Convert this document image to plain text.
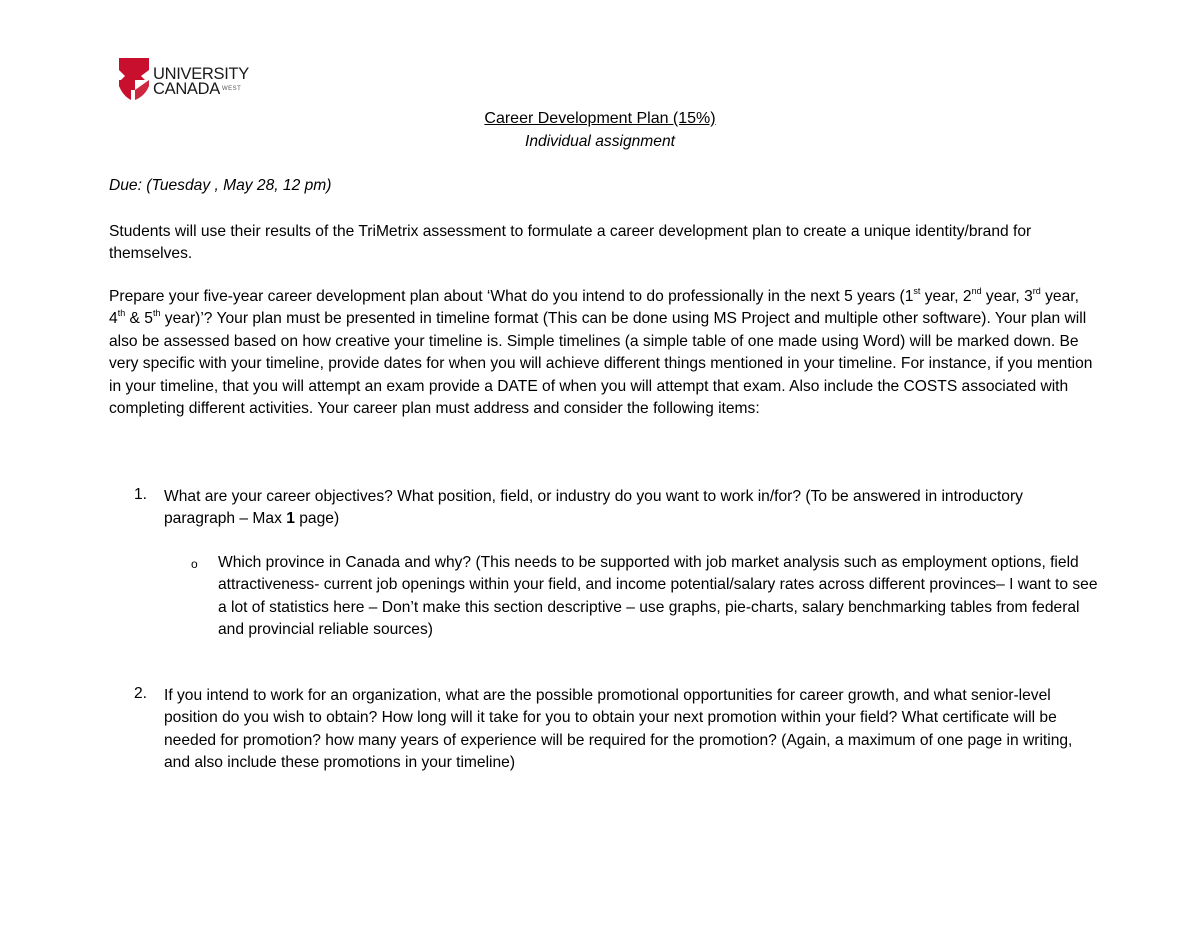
UNIVERSITY
CANADA $^{WEST}$
Career Development Plan (15%)
Individual assignment
Due: (Tuesday , May 28, 12 pm)
Students will use their results of the TriMetrix assessment to formulate a career development plan to create a unique identity/brand for themselves.
Prepare your five-year career development plan about ‘What do you intend to do professionally in the next 5 years (1st year, 2nd year, 3rd year, 4th & 5th year)’? Your plan must be presented in timeline format (This can be done using MS Project and multiple other software). Your plan will also be assessed based on how creative your timeline is. Simple timelines (a simple table of one made using Word) will be marked down. Be very specific with your timeline, provide dates for when you will achieve different things mentioned in your timeline. For instance, if you mention in your timeline, that you will attempt an exam provide a DATE of when you will attempt that exam. Also include the COSTS associated with completing different activities. Your career plan must address and consider the following items:
1. What are your career objectives? What position, field, or industry do you want to work in/for? (To be answered in introductory paragraph – Max 1 page)
o Which province in Canada and why? (This needs to be supported with job market analysis such as employment options, field attractiveness- current job openings within your field, and income potential/salary rates across different provinces– I want to see a lot of statistics here – Don’t make this section descriptive – use graphs, pie-charts, salary benchmarking tables from federal and provincial reliable sources)
2. If you intend to work for an organization, what are the possible promotional opportunities for career growth, and what senior-level position do you wish to obtain? How long will it take for you to obtain your next promotion within your field? What certificate will be needed for promotion? how many years of experience will be required for the promotion? (Again, a maximum of one page in writing, and also include these promotions in your timeline)
